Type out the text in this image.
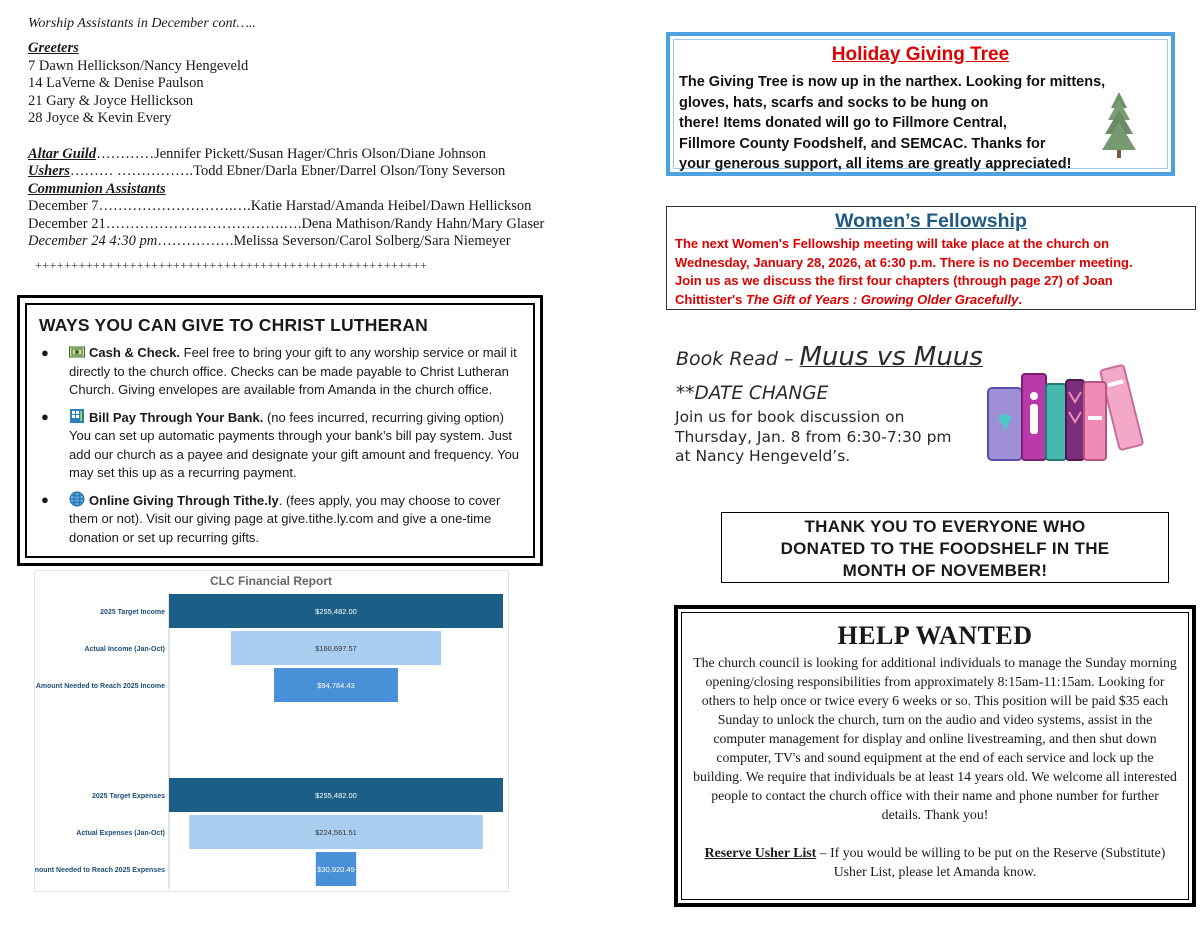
Worship Assistants in December cont…..
Greeters
7 Dawn Hellickson/Nancy Hengeveld
14 LaVerne & Denise Paulson
21 Gary & Joyce Hellickson
28 Joyce & Kevin Every
Altar Guild ………… Jennifer Pickett/Susan Hager/Chris Olson/Diane Johnson
Ushers ……… ……………. Todd Ebner/Darla Ebner/Darrel Olson/Tony Severson
Communion Assistants
December 7 ……………………….…. Katie Harstad/Amanda Heibel/Dawn Hellickson
December 21 ……………………………….…. Dena Mathison/Randy Hahn/Mary Glaser
December 24 4:30 pm ……………. Melissa Severson/Carol Solberg/Sara Niemeyer
++++++++++++++++++++++++++++++++++++++++++++++++++++++
WAYS YOU CAN GIVE TO CHRIST LUTHERAN
●	Cash & Check. Feel free to bring your gift to any worship service or mail it directly to the church office. Checks can be made payable to Christ Lutheran Church. Giving envelopes are available from Amanda in the church office.
●	Bill Pay Through Your Bank. (no fees incurred, recurring giving option) You can set up automatic payments through your bank’s bill pay system. Just add our church as a payee and designate your gift amount and frequency. You may set this up as a recurring payment.
●	Online Giving Through Tithe.ly. (fees apply, you may choose to cover them or not). Visit our giving page at give.tithe.ly.com and give a one-time donation or set up recurring gifts.
CLC Financial Report
$255,482.00
2025 Target Income
$160,697.57
Actual Income (Jan-Oct)
$94,784.43
Amount Needed to Reach 2025 Income
$255,482.00
2025 Target Expenses
$224,561.51
Actual Expenses (Jan-Oct)
$30,920.49
Amount Needed to Reach 2025 Expenses
Holiday Giving Tree
The Giving Tree is now up in the narthex. Looking for mittens,
gloves, hats, scarfs and socks to be hung on
there! Items donated will go to Fillmore Central,
Fillmore County Foodshelf, and SEMCAC. Thanks for
your generous support, all items are greatly appreciated!
Women’s Fellowship
The next Women's Fellowship meeting will take place at the church on
Wednesday, January 28, 2026, at 6:30 p.m. There is no December meeting.
Join us as we discuss the first four chapters (through page 27) of Joan
Chittister's The Gift of Years : Growing Older Gracefully.
Book Read – Muus vs Muus
**DATE CHANGE
Join us for book discussion on
Thursday, Jan. 8 from 6:30-7:30 pm
at Nancy Hengeveld’s.
THANK YOU TO EVERYONE WHO
DONATED TO THE FOODSHELF IN THE
MONTH OF NOVEMBER!
HELP WANTED
The church council is looking for additional individuals to manage the Sunday morning opening/closing responsibilities from approximately 8:15am-11:15am. Looking for others to help once or twice every 6 weeks or so. This position will be paid $35 each Sunday to unlock the church, turn on the audio and video systems, assist in the computer management for display and online livestreaming, and then shut down computer, TV's and sound equipment at the end of each service and lock up the building. We require that individuals be at least 14 years old. We welcome all interested people to contact the church office with their name and phone number for further details. Thank you!
Reserve Usher List – If you would be willing to be put on the Reserve (Substitute) Usher List, please let Amanda know.
